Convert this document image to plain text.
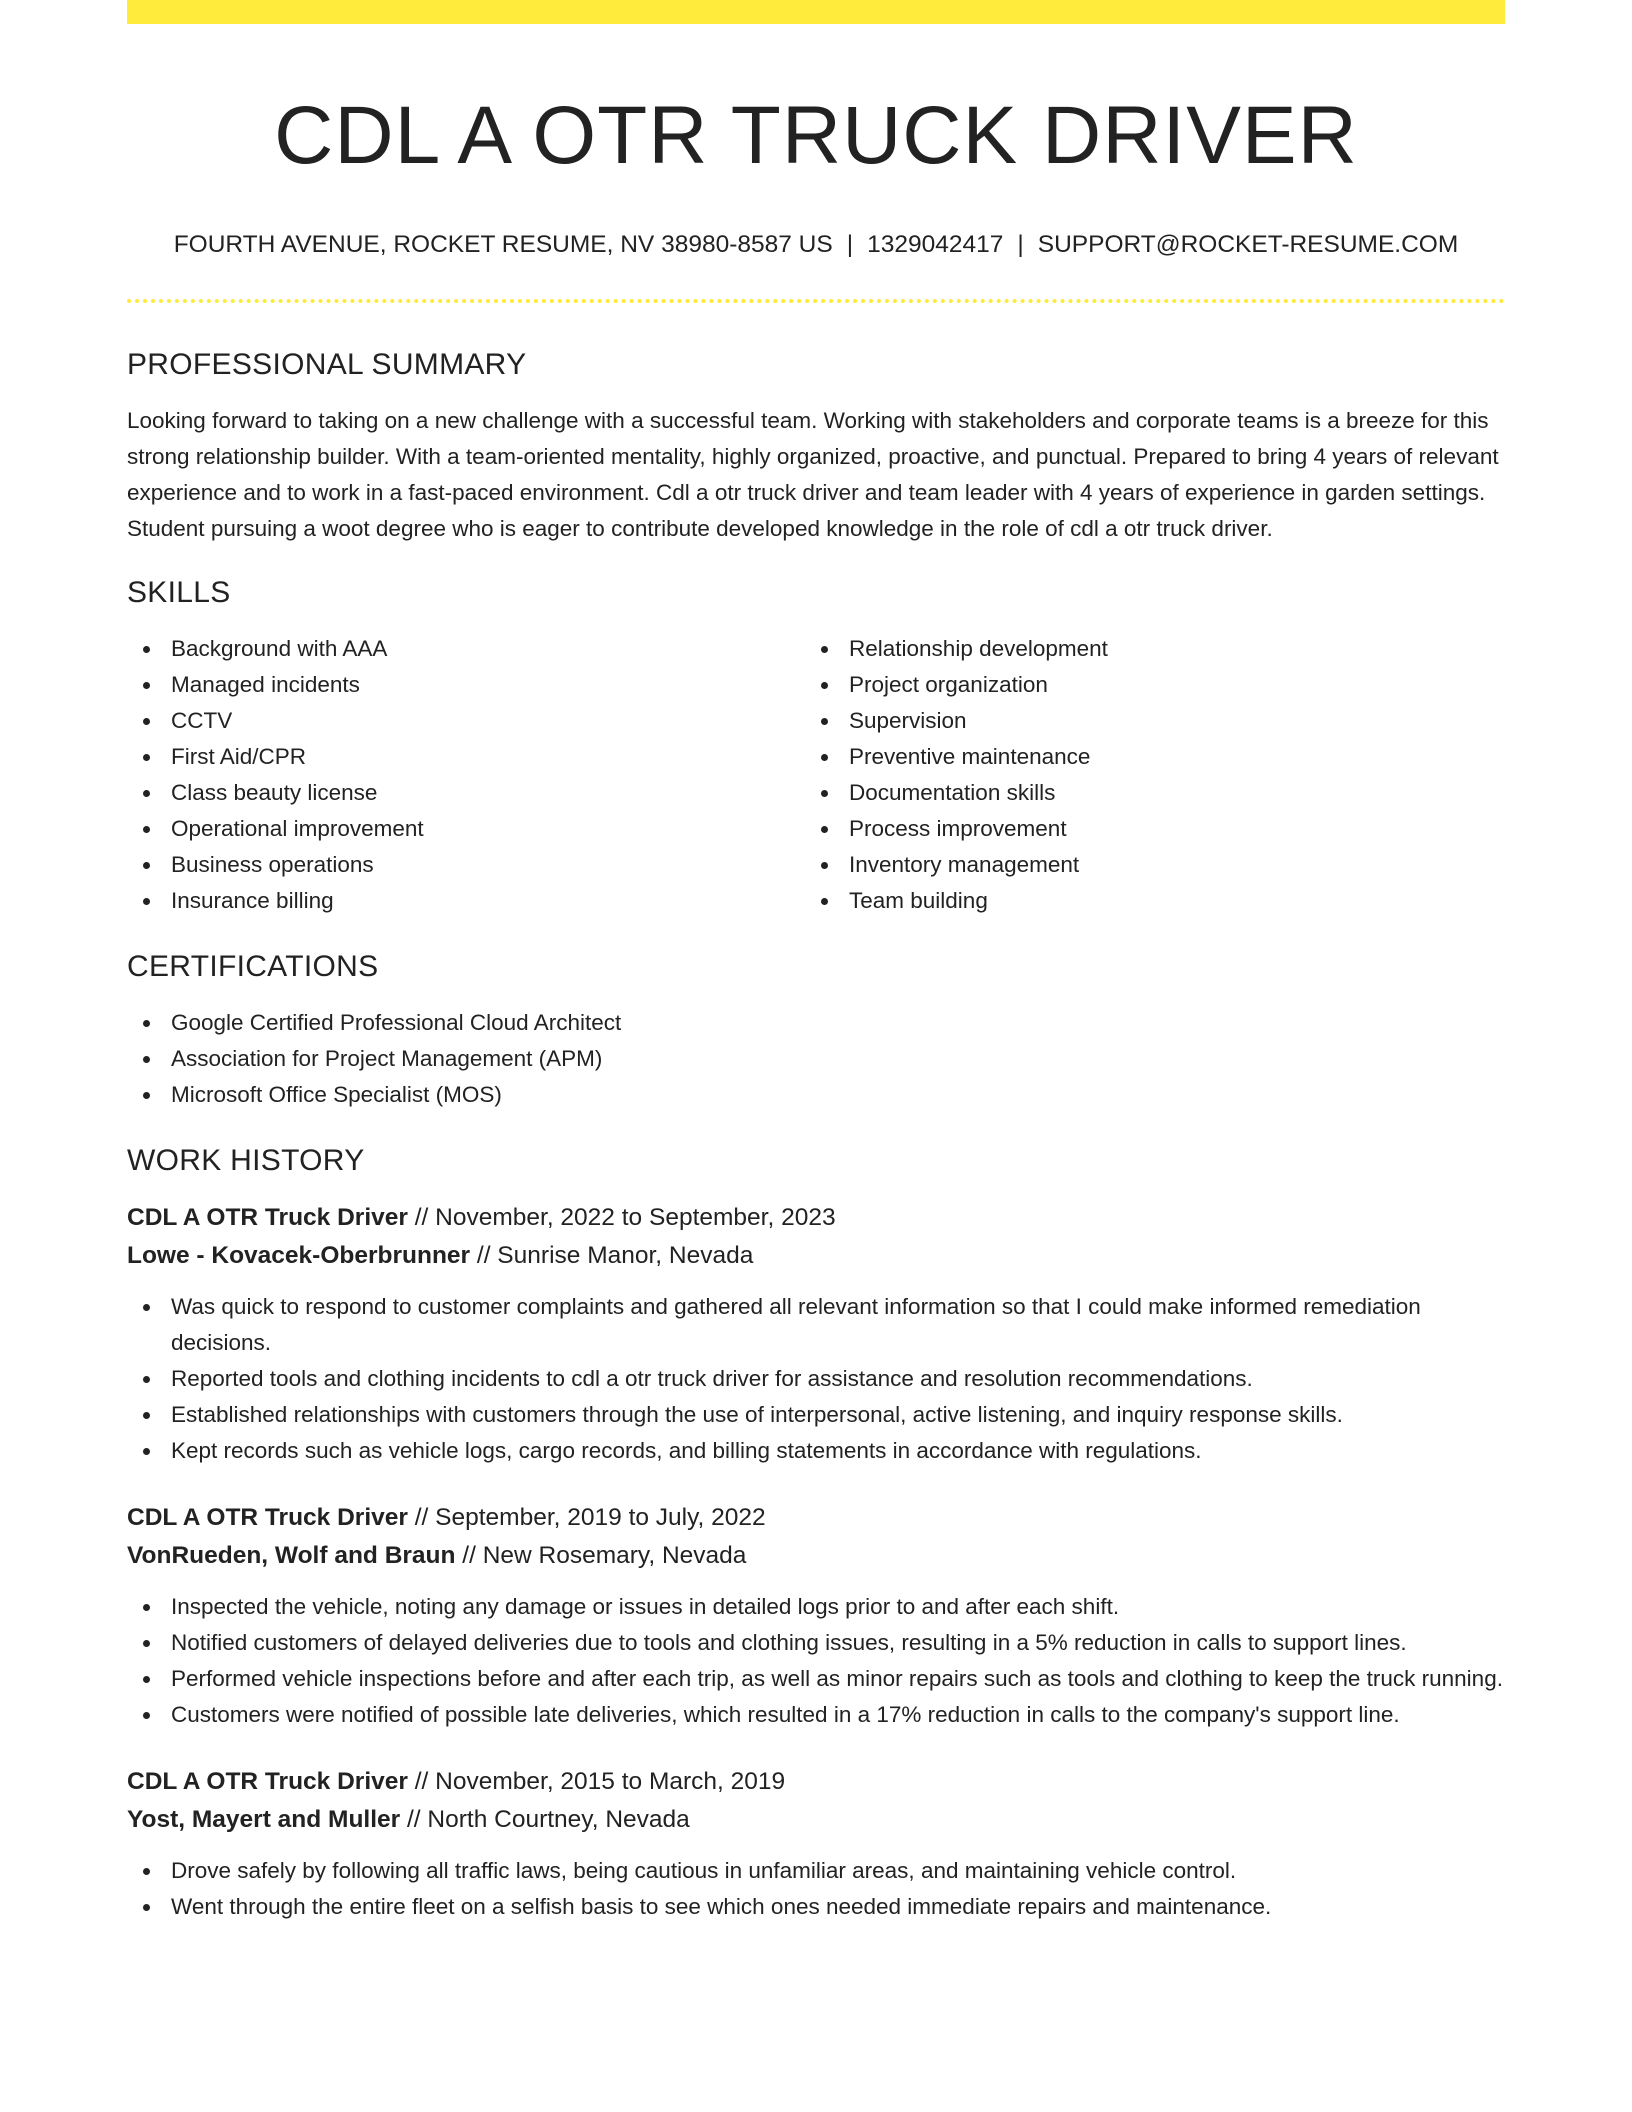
CDL A OTR TRUCK DRIVER
FOURTH AVENUE, ROCKET RESUME, NV 38980-8587 US | 1329042417 | SUPPORT@ROCKET-RESUME.COM
PROFESSIONAL SUMMARY

Looking forward to taking on a new challenge with a successful team. Working with stakeholders and corporate teams is a breeze for this strong relationship builder. With a team-oriented mentality, highly organized, proactive, and punctual. Prepared to bring 4 years of relevant experience and to work in a fast-paced environment. Cdl a otr truck driver and team leader with 4 years of experience in garden settings. Student pursuing a woot degree who is eager to contribute developed knowledge in the role of cdl a otr truck driver.

SKILLS
Background with AAA
Managed incidents
CCTV
First Aid/CPR
Class beauty license
Operational improvement
Business operations
Insurance billing
Relationship development
Project organization
Supervision
Preventive maintenance
Documentation skills
Process improvement
Inventory management
Team building
CERTIFICATIONS
Google Certified Professional Cloud Architect
Association for Project Management (APM)
Microsoft Office Specialist (MOS)
WORK HISTORY
CDL A OTR Truck Driver // November, 2022 to September, 2023
Lowe - Kovacek-Oberbrunner // Sunrise Manor, Nevada
Was quick to respond to customer complaints and gathered all relevant information so that I could make informed remediation decisions.
Reported tools and clothing incidents to cdl a otr truck driver for assistance and resolution recommendations.
Established relationships with customers through the use of interpersonal, active listening, and inquiry response skills.
Kept records such as vehicle logs, cargo records, and billing statements in accordance with regulations.
CDL A OTR Truck Driver // September, 2019 to July, 2022
VonRueden, Wolf and Braun // New Rosemary, Nevada
Inspected the vehicle, noting any damage or issues in detailed logs prior to and after each shift.
Notified customers of delayed deliveries due to tools and clothing issues, resulting in a 5% reduction in calls to support lines.
Performed vehicle inspections before and after each trip, as well as minor repairs such as tools and clothing to keep the truck running.
Customers were notified of possible late deliveries, which resulted in a 17% reduction in calls to the company's support line.
CDL A OTR Truck Driver // November, 2015 to March, 2019
Yost, Mayert and Muller // North Courtney, Nevada
Drove safely by following all traffic laws, being cautious in unfamiliar areas, and maintaining vehicle control.
Went through the entire fleet on a selfish basis to see which ones needed immediate repairs and maintenance.
